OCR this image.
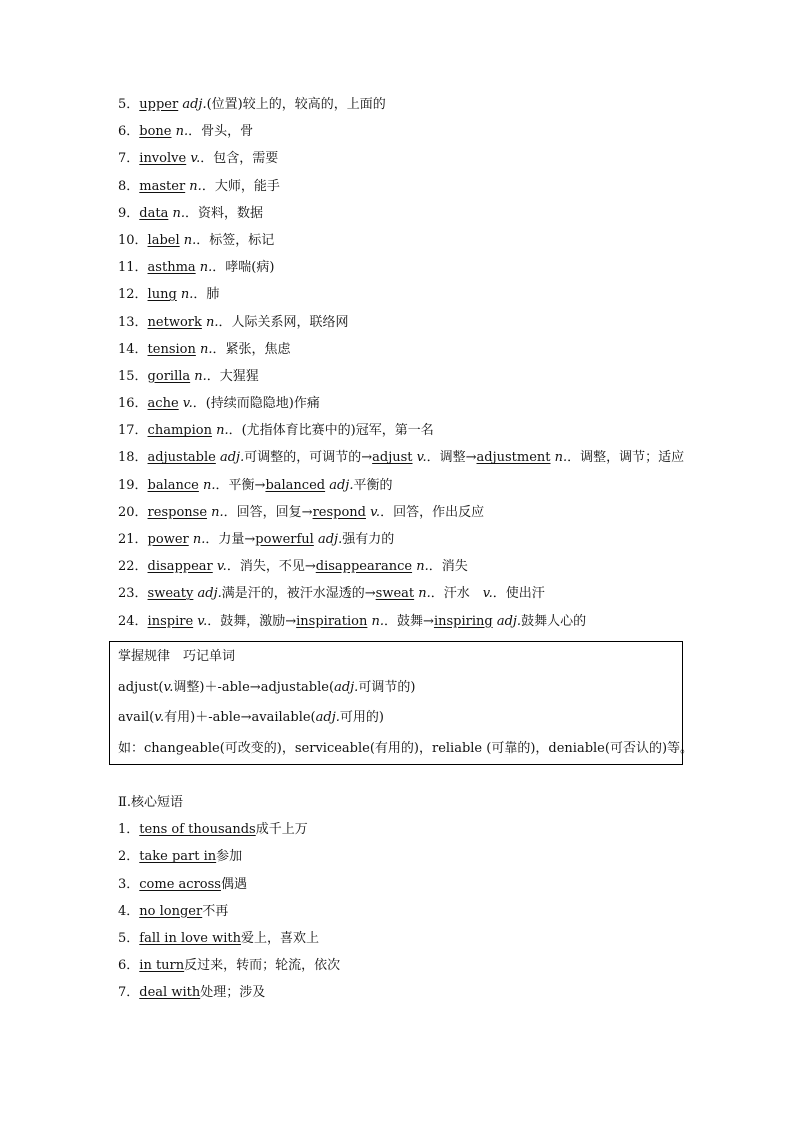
5．upper adj.(位置)较上的，较高的，上面的
6．bone n.．骨头，骨
7．involve v.．包含，需要
8．master n.．大师，能手
9．data n.．资料，数据
10．label n.．标签，标记
11．asthma n.．哮喘(病)
12．lung n.．肺
13．network n.．人际关系网，联络网
14．tension n.．紧张，焦虑
15．gorilla n.．大猩猩
16．ache v.．(持续而隐隐地)作痛
17．champion n.．(尤指体育比赛中的)冠军，第一名
18．adjustable adj.可调整的，可调节的→adjust v.．调整→adjustment n.．调整，调节；适应
19．balance n.．平衡→balanced adj.平衡的
20．response n.．回答，回复→respond v.．回答，作出反应
21．power n.．力量→powerful adj.强有力的
22．disappear v.．消失，不见→disappearance n.．消失
23．sweaty adj.满是汗的，被汗水湿透的→sweat n.．汗水　v.．使出汗
24．inspire v.．鼓舞，激励→inspiration n.．鼓舞→inspiring adj.鼓舞人心的
掌握规律　巧记单词
adjust(v.调整)＋-able→adjustable(adj.可调节的)
avail(v.有用)＋-able→available(adj.可用的)
如：changeable(可改变的)，serviceable(有用的)，reliable (可靠的)，deniable(可否认的)等。
Ⅱ.核心短语
1．tens of thousands成千上万
2．take part in参加
3．come across偶遇
4．no longer不再
5．fall in love with爱上，喜欢上
6．in turn反过来，转而；轮流，依次
7．deal with处理；涉及
